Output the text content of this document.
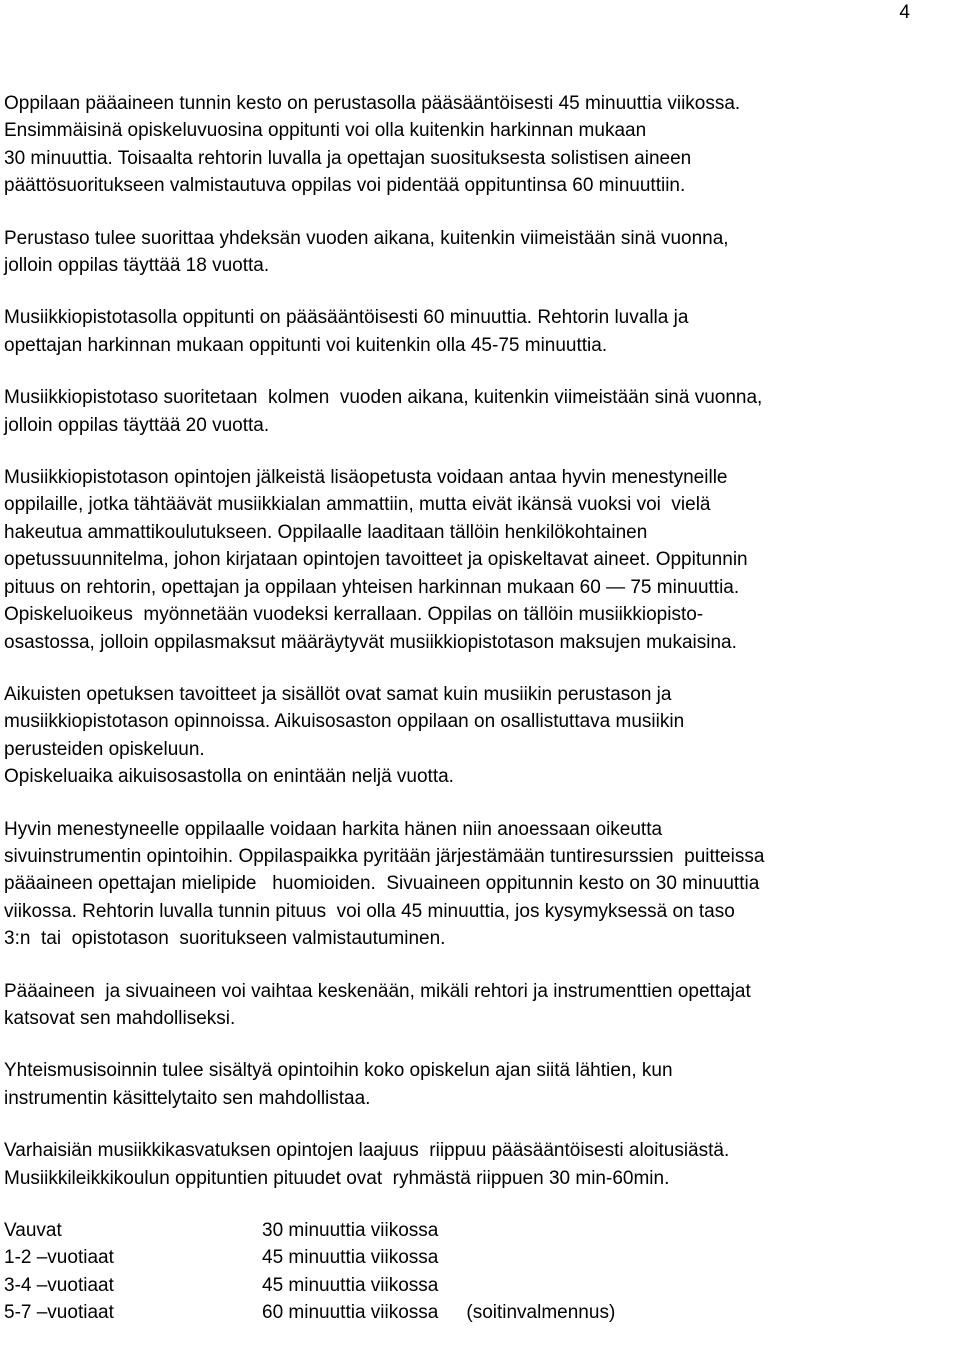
4

Oppilaan pääaineen tunnin kesto on perustasolla pääsääntöisesti 45 minuuttia viikossa.
Ensimmäisinä opiskeluvuosina oppitunti voi olla kuitenkin harkinnan mukaan
30 minuuttia. Toisaalta rehtorin luvalla ja opettajan suosituksesta solistisen aineen
päättösuoritukseen valmistautuva oppilas voi pidentää oppituntinsa 60 minuuttiin.

Perustaso tulee suorittaa yhdeksän vuoden aikana, kuitenkin viimeistään sinä vuonna,
jolloin oppilas täyttää 18 vuotta.

Musiikkiopistotasolla oppitunti on pääsääntöisesti 60 minuuttia. Rehtorin luvalla ja
opettajan harkinnan mukaan oppitunti voi kuitenkin olla 45-75 minuuttia.

Musiikkiopistotaso suoritetaan  kolmen  vuoden aikana, kuitenkin viimeistään sinä vuonna,
jolloin oppilas täyttää 20 vuotta.

Musiikkiopistotason opintojen jälkeistä lisäopetusta voidaan antaa hyvin menestyneille
oppilaille, jotka tähtäävät musiikkialan ammattiin, mutta eivät ikänsä vuoksi voi  vielä
hakeutua ammattikoulutukseen. Oppilaalle laaditaan tällöin henkilökohtainen
opetussuunnitelma, johon kirjataan opintojen tavoitteet ja opiskeltavat aineet. Oppitunnin
pituus on rehtorin, opettajan ja oppilaan yhteisen harkinnan mukaan 60 — 75 minuuttia.
Opiskeluoikeus  myönnetään vuodeksi kerrallaan. Oppilas on tällöin musiikkiopisto-
osastossa, jolloin oppilasmaksut määräytyvät musiikkiopistotason maksujen mukaisina.

Aikuisten opetuksen tavoitteet ja sisällöt ovat samat kuin musiikin perustason ja
musiikkiopistotason opinnoissa. Aikuisosaston oppilaan on osallistuttava musiikin
perusteiden opiskeluun.
Opiskeluaika aikuisosastolla on enintään neljä vuotta.

Hyvin menestyneelle oppilaalle voidaan harkita hänen niin anoessaan oikeutta
sivuinstrumentin opintoihin. Oppilaspaikka pyritään järjestämään tuntiresurssien  puitteissa
pääaineen opettajan mielipide   huomioiden.  Sivuaineen oppitunnin kesto on 30 minuuttia
viikossa. Rehtorin luvalla tunnin pituus  voi olla 45 minuuttia, jos kysymyksessä on taso
3:n  tai  opistotason  suoritukseen valmistautuminen.

Pääaineen  ja sivuaineen voi vaihtaa keskenään, mikäli rehtori ja instrumenttien opettajat
katsovat sen mahdolliseksi.

Yhteismusisoinnin tulee sisältyä opintoihin koko opiskelun ajan siitä lähtien, kun
instrumentin käsittelytaito sen mahdollistaa.

Varhaisiän musiikkikasvatuksen opintojen laajuus  riippuu pääsääntöisesti aloitusiästä.
Musiikkileikkikoulun oppituntien pituudet ovat  ryhmästä riippuen 30 min-60min.

Vauvat	30 minuuttia viikossa
1-2 –vuotiaat	45 minuuttia viikossa
3-4 –vuotiaat	45 minuuttia viikossa
5-7 –vuotiaat	60 minuuttia viikossa (soitinvalmennus)
